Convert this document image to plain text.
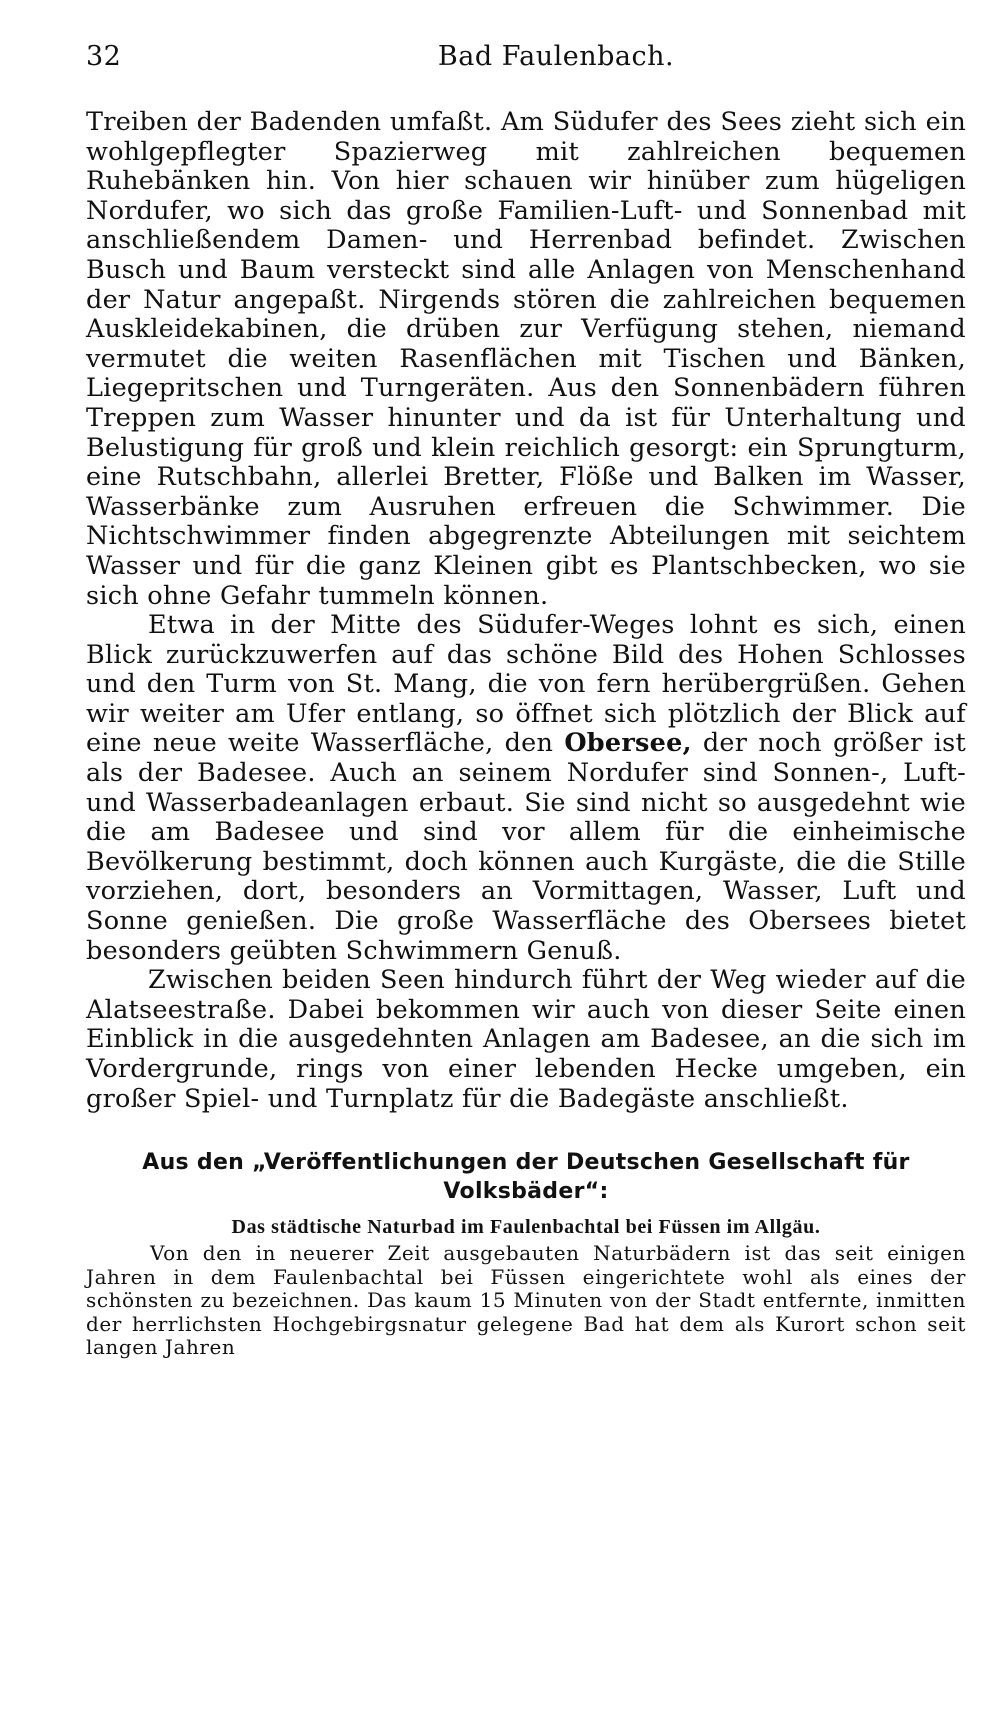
32	Bad Faulenbach.

Treiben der Badenden umfaßt. Am Südufer des Sees zieht sich ein wohlgepflegter Spazierweg mit zahlreichen bequemen Ruhebänken hin. Von hier schauen wir hinüber zum hügeligen Nordufer, wo sich das große Familien-Luft- und Sonnenbad mit anschließendem Damen- und Herrenbad befindet. Zwischen Busch und Baum versteckt sind alle Anlagen von Menschenhand der Natur angepaßt. Nirgends stören die zahlreichen bequemen Auskleidekabinen, die drüben zur Verfügung stehen, niemand vermutet die weiten Rasenflächen mit Tischen und Bänken, Liegepritschen und Turngeräten. Aus den Sonnenbädern führen Treppen zum Wasser hinunter und da ist für Unterhaltung und Belustigung für groß und klein reichlich gesorgt: ein Sprungturm, eine Rutschbahn, allerlei Bretter, Flöße und Balken im Wasser, Wasserbänke zum Ausruhen erfreuen die Schwimmer. Die Nichtschwimmer finden abgegrenzte Abteilungen mit seichtem Wasser und für die ganz Kleinen gibt es Plantschbecken, wo sie sich ohne Gefahr tummeln können.

Etwa in der Mitte des Südufer-Weges lohnt es sich, einen Blick zurückzuwerfen auf das schöne Bild des Hohen Schlosses und den Turm von St. Mang, die von fern herübergrüßen. Gehen wir weiter am Ufer entlang, so öffnet sich plötzlich der Blick auf eine neue weite Wasserfläche, den Obersee, der noch größer ist als der Badesee. Auch an seinem Nordufer sind Sonnen-, Luft- und Wasserbadeanlagen erbaut. Sie sind nicht so ausgedehnt wie die am Badesee und sind vor allem für die einheimische Bevölkerung bestimmt, doch können auch Kurgäste, die die Stille vorziehen, dort, besonders an Vormittagen, Wasser, Luft und Sonne genießen. Die große Wasserfläche des Obersees bietet besonders geübten Schwimmern Genuß.

Zwischen beiden Seen hindurch führt der Weg wieder auf die Alatseestraße. Dabei bekommen wir auch von dieser Seite einen Einblick in die ausgedehnten Anlagen am Badesee, an die sich im Vordergrunde, rings von einer lebenden Hecke umgeben, ein großer Spiel- und Turnplatz für die Badegäste anschließt.

Aus den „Veröffentlichungen der Deutschen Gesellschaft für
Volksbäder“:
Das städtische Naturbad im Faulenbachtal bei Füssen im Allgäu.

Von den in neuerer Zeit ausgebauten Naturbädern ist das seit einigen Jahren in dem Faulenbachtal bei Füssen eingerichtete wohl als eines der schönsten zu bezeichnen. Das kaum 15 Minuten von der Stadt entfernte, inmitten der herrlichsten Hochgebirgsnatur gelegene Bad hat dem als Kurort schon seit langen Jahren
